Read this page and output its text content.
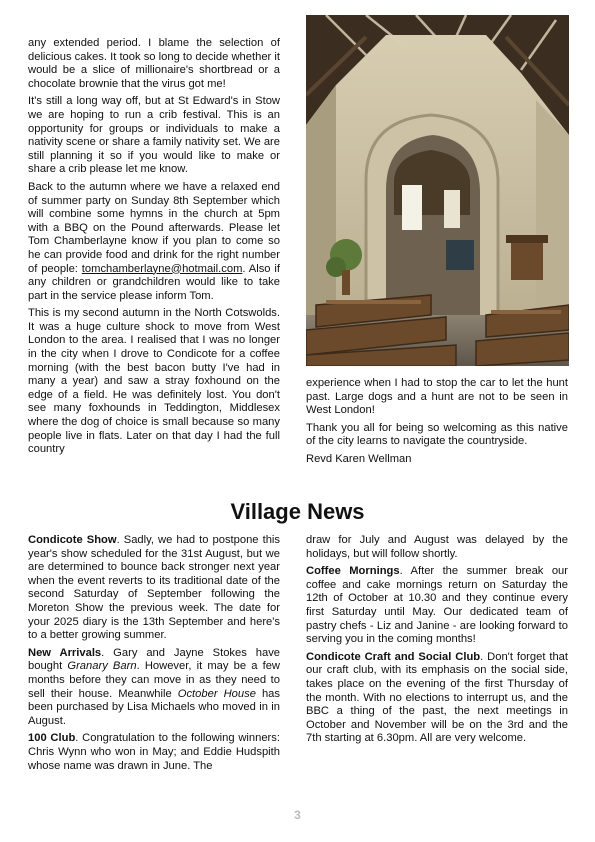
any extended period. I blame the selection of delicious cakes. It took so long to decide whether it would be a slice of millionaire's shortbread or a chocolate brownie that the virus got me!

It's still a long way off, but at St Edward's in Stow we are hoping to run a crib festival. This is an opportunity for groups or individuals to make a nativity scene or share a family nativity set. We are still planning it so if you would like to make or share a crib please let me know.

Back to the autumn where we have a relaxed end of summer party on Sunday 8th September which will combine some hymns in the church at 5pm with a BBQ on the Pound afterwards. Please let Tom Chamberlayne know if you plan to come so he can provide food and drink for the right number of people: tomchamberlayne@hotmail.com. Also if any children or grandchildren would like to take part in the service please inform Tom.

This is my second autumn in the North Cotswolds. It was a huge culture shock to move from West London to the area. I realised that I was no longer in the city when I drove to Condicote for a coffee morning (with the best bacon butty I've had in many a year) and saw a stray foxhound on the edge of a field. He was definitely lost. You don't see many foxhounds in Teddington, Middlesex where the dog of choice is small because so many people live in flats. Later on that day I had the full country

experience when I had to stop the car to let the hunt past. Large dogs and a hunt are not to be seen in West London!

Thank you all for being so welcoming as this native of the city learns to navigate the countryside.

Revd Karen Wellman

Village News

Condicote Show. Sadly, we had to postpone this year's show scheduled for the 31st August, but we are determined to bounce back stronger next year when the event reverts to its traditional date of the second Saturday of September following the Moreton Show the previous week. The date for your 2025 diary is the 13th September and here's to a better growing summer.

New Arrivals. Gary and Jayne Stokes have bought Granary Barn. However, it may be a few months before they can move in as they need to sell their house. Meanwhile October House has been purchased by Lisa Michaels who moved in in August.

100 Club. Congratulation to the following winners: Chris Wynn who won in May; and Eddie Hudspith whose name was drawn in June. The

draw for July and August was delayed by the holidays, but will follow shortly.

Coffee Mornings. After the summer break our coffee and cake mornings return on Saturday the 12th of October at 10.30 and they continue every first Saturday until May. Our dedicated team of pastry chefs - Liz and Janine - are looking forward to serving you in the coming months!

Condicote Craft and Social Club. Don't forget that our craft club, with its emphasis on the social side, takes place on the evening of the first Thursday of the month. With no elections to interrupt us, and the BBC a thing of the past, the next meetings in October and November will be on the 3rd and the 7th starting at 6.30pm. All are very welcome.

3
